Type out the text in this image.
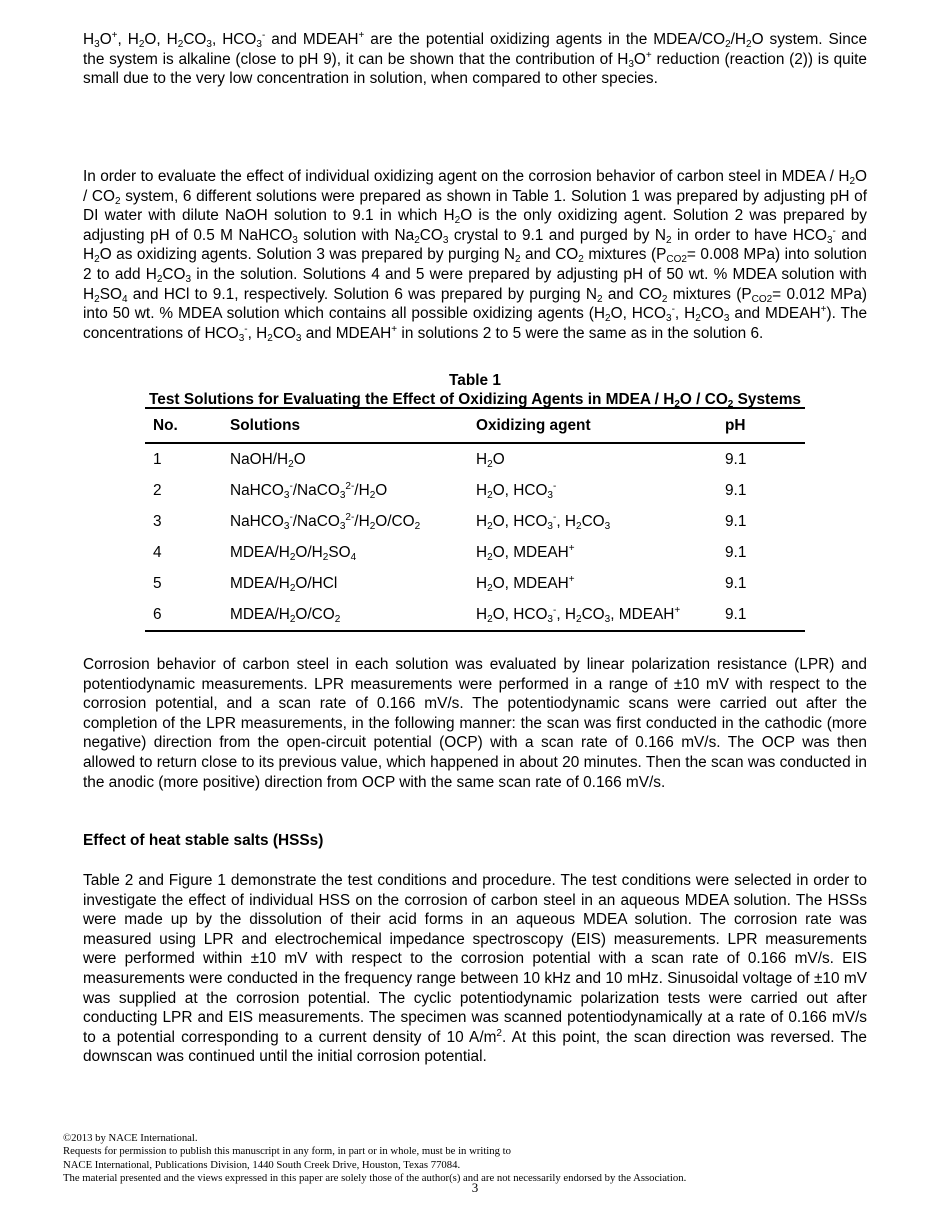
$H_3O^+$, $H_2O$, $H_2CO_3$, $HCO_3^-$ and MDEAH+ are the potential oxidizing agents in the MDEA/$CO_2/H_2O$ system. Since the system is alkaline (close to pH 9), it can be shown that the contribution of $H_3O^+$ reduction (reaction (2)) is quite small due to the very low concentration in solution, when compared to other species.
In order to evaluate the effect of individual oxidizing agent on the corrosion behavior of carbon steel in MDEA / $H_2O / CO_2$ system, 6 different solutions were prepared as shown in Table 1. Solution 1 was prepared by adjusting pH of DI water with dilute NaOH solution to 9.1 in which $H_2O$ is the only oxidizing agent. Solution 2 was prepared by adjusting pH of 0.5 M NaHCO$_3$ solution with $Na_2CO_3$ crystal to 9.1 and purged by $N_2$ in order to have $HCO_3^-$ and $H_2O$ as oxidizing agents. Solution 3 was prepared by purging $N_2$ and $CO_2$ mixtures ($P_{CO2}= 0.008$ MPa) into solution 2 to add $H_2CO_3$ in the solution. Solutions 4 and 5 were prepared by adjusting pH of 50 wt. % MDEA solution with $H_2SO_4$ and HCl to 9.1, respectively. Solution 6 was prepared by purging $N_2$ and $CO_2$ mixtures ($P_{CO2}= 0.012$ MPa) into 50 wt. % MDEA solution which contains all possible oxidizing agents ($H_2O$, $HCO_3^-$, $H_2CO_3$ and MDEAH+). The concentrations of $HCO_3^-$, $H_2CO_3$ and MDEAH+ in solutions 2 to 5 were the same as in the solution 6.
Table 1
Test Solutions for Evaluating the Effect of Oxidizing Agents in MDEA / $H_2O / CO_2$ Systems
No.	Solutions	Oxidizing agent	pH
1	NaOH/$H_2O$	$H_2O$	9.1
2	$NaHCO_3^-/NaCO_3^{2-}/H_2O$	$H_2O$, $HCO_3^-$	9.1
3	$NaHCO_3^-/NaCO_3^{2-}/H_2O/CO_2$	$H_2O$, $HCO_3^-$, $H_2CO_3$	9.1
4	MDEA/$H_2O/H_2SO_4$	$H_2O$, MDEAH+	9.1
5	MDEA/$H_2O$/HCl	$H_2O$, MDEAH+	9.1
6	MDEA/$H_2O/CO_2$	$H_2O$, $HCO_3^-$, $H_2CO_3$, MDEAH+	9.1
Corrosion behavior of carbon steel in each solution was evaluated by linear polarization resistance (LPR) and potentiodynamic measurements. LPR measurements were performed in a range of ±10 mV with respect to the corrosion potential, and a scan rate of 0.166 mV/s. The potentiodynamic scans were carried out after the completion of the LPR measurements, in the following manner: the scan was first conducted in the cathodic (more negative) direction from the open-circuit potential (OCP) with a scan rate of 0.166 mV/s. The OCP was then allowed to return close to its previous value, which happened in about 20 minutes. Then the scan was conducted in the anodic (more positive) direction from OCP with the same scan rate of 0.166 mV/s.
Effect of heat stable salts (HSSs)
Table 2 and Figure 1 demonstrate the test conditions and procedure. The test conditions were selected in order to investigate the effect of individual HSS on the corrosion of carbon steel in an aqueous MDEA solution. The HSSs were made up by the dissolution of their acid forms in an aqueous MDEA solution. The corrosion rate was measured using LPR and electrochemical impedance spectroscopy (EIS) measurements. LPR measurements were performed within ±10 mV with respect to the corrosion potential with a scan rate of 0.166 mV/s. EIS measurements were conducted in the frequency range between 10 kHz and 10 mHz. Sinusoidal voltage of ±10 mV was supplied at the corrosion potential. The cyclic potentiodynamic polarization tests were carried out after conducting LPR and EIS measurements. The specimen was scanned potentiodynamically at a rate of 0.166 mV/s to a potential corresponding to a current density of 10 $A/m^2$. At this point, the scan direction was reversed. The downscan was continued until the initial corrosion potential.
©2013 by NACE International.
Requests for permission to publish this manuscript in any form, in part or in whole, must be in writing to
NACE International, Publications Division, 1440 South Creek Drive, Houston, Texas 77084.
The material presented and the views expressed in this paper are solely those of the author(s) and are not necessarily endorsed by the Association.
3
